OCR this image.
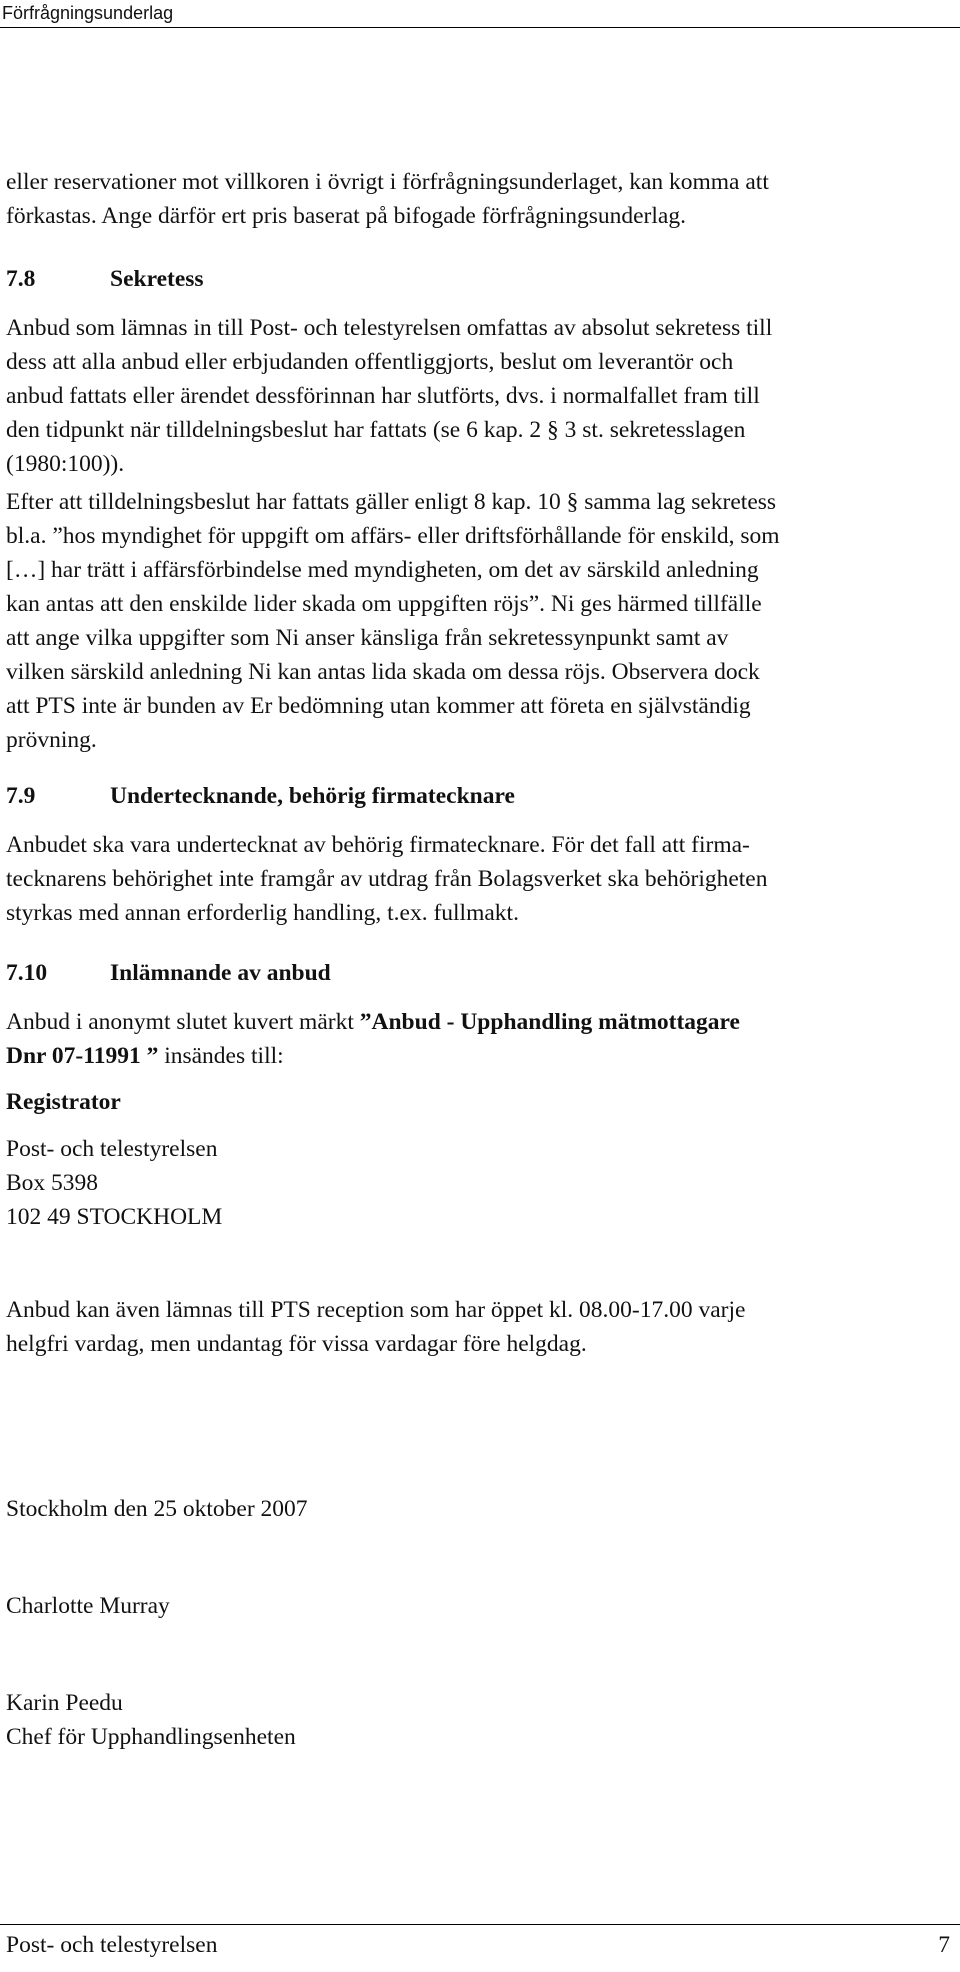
Förfrågningsunderlag

eller reservationer mot villkoren i övrigt i förfrågningsunderlaget, kan komma att

förkastas. Ange därför ert pris baserat på bifogade förfrågningsunderlag.

7.8	Sekretess

Anbud som lämnas in till Post- och telestyrelsen omfattas av absolut sekretess till

dess att alla anbud eller erbjudanden offentliggjorts, beslut om leverantör och

anbud fattats eller ärendet dessförinnan har slutförts, dvs. i normalfallet fram till

den tidpunkt när tilldelningsbeslut har fattats (se 6 kap. 2 § 3 st. sekretesslagen

(1980:100)).

Efter att tilldelningsbeslut har fattats gäller enligt 8 kap. 10 § samma lag sekretess

bl.a. ”hos myndighet för uppgift om affärs- eller driftsförhållande för enskild, som

[…] har trätt i affärsförbindelse med myndigheten, om det av särskild anledning

kan antas att den enskilde lider skada om uppgiften röjs”. Ni ges härmed tillfälle

att ange vilka uppgifter som Ni anser känsliga från sekretessynpunkt samt av

vilken särskild anledning Ni kan antas lida skada om dessa röjs. Observera dock

att PTS inte är bunden av Er bedömning utan kommer att företa en självständig

prövning.

7.9	Undertecknande, behörig firmatecknare

Anbudet ska vara undertecknat av behörig firmatecknare. För det fall att firma-

tecknarens behörighet inte framgår av utdrag från Bolagsverket ska behörigheten

styrkas med annan erforderlig handling, t.ex. fullmakt.

7.10	Inlämnande av anbud

Anbud i anonymt slutet kuvert märkt ”Anbud - Upphandling mätmottagare

Dnr 07-11991 ” insändes till:

Registrator

Post- och telestyrelsen

Box 5398

102 49 STOCKHOLM

Anbud kan även lämnas till PTS reception som har öppet kl. 08.00-17.00 varje

helgfri vardag, men undantag för vissa vardagar före helgdag.

Stockholm den 25 oktober 2007

Charlotte Murray

Karin Peedu

Chef för Upphandlingsenheten

Post- och telestyrelsen	7
